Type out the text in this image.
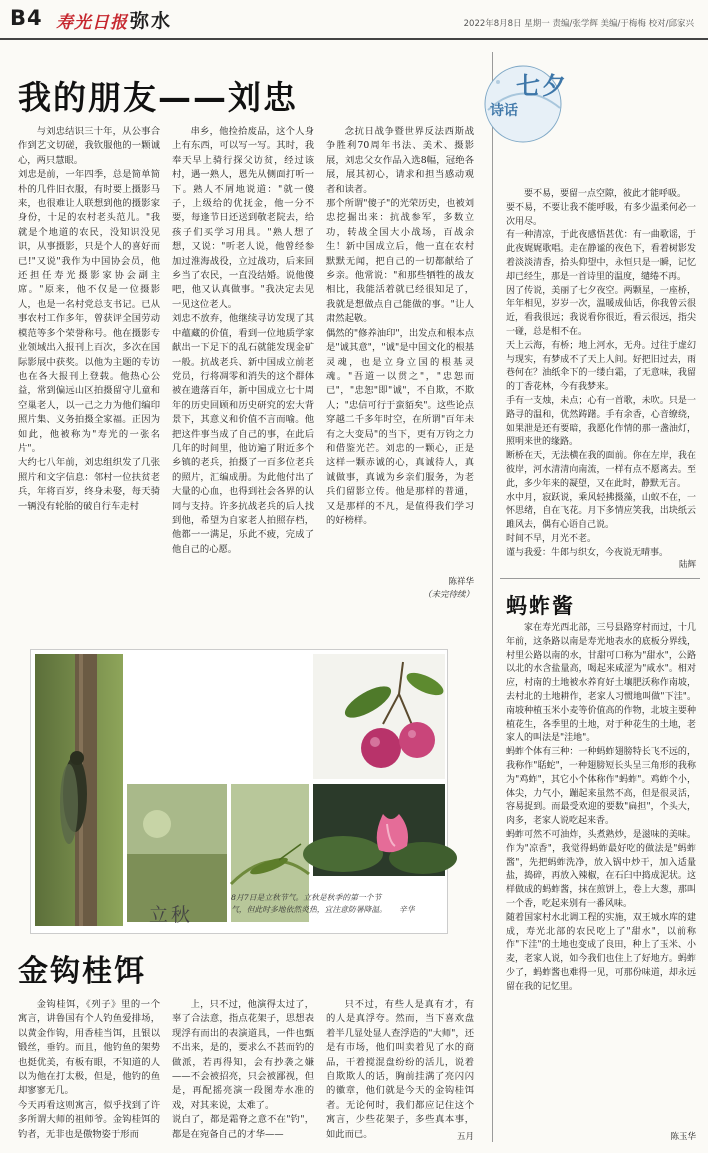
B4 寿光日报 弥水	2022年8月8日 星期一 责编/张学辉 美编/于梅梅 校对/邱家兴
我的朋友——刘忠

与刘忠结识三十年，从公事合作到艺文切磋，我钦服他的一颗诚心，两只慧眼。
刘忠是前，一年四季，总是简单简朴的几件旧衣服，有时要上摄影马来，也很难让人联想到他的摄影家身份，十足的农村老头范儿。"我就是个地道的农民，没知识没见识，从事摄影，只是个人的喜好而已!"又说"我作为中国协会员，他还担任寿光摄影家协会副主席。"原来，他不仅是一位摄影人，也是一名村党总支书记。已从事农村工作多年，曾获评全国劳动模范等多个荣誉称号。他在摄影专业领域出入报刊上百次，多次在国际影展中获奖。以他为主题的专访也在各大报刊上登载。他热心公益，常到偏远山区拍摄留守儿童和空巢老人，以一己之力为他们编印照片集、义务拍摄全家福。正因为如此，他被称为"寿光的一张名片"。
大约七八年前，刘忠组织发了几张照片和文字信息：邻村一位扶贫老兵，年将百岁，终身未娶，每天骑一辆没有轮胎的破自行车走村

串乡，他捡拾废品，这个人身上有东西，可以写一写。其时，我奉天早上骑行探父访贫，经过该村，遇一熟人，恩先从侧面打听一下。熟人不屑地说道："就一傻子，上级给的优抚金，他一分不要，每逢节日还送到敬老院去，给孩子们买学习用具。"熟人想了想，又说："听老人说，他曾经参加过淮海战役，立过战功，后来回乡当了农民，一直没结婚。说他傻吧，他又认真做事。"我决定去见一见这位老人。
刘忠不放弃，他继续寻访发现了其中蕴藏的价值，看到一位地质学家献出一下足下的乱石就能发现金矿一般。抗战老兵、新中国成立前老党员，行将凋零和消失的这个群体被在遗落百年，新中国成立七十周年的历史回顾和历史研究的宏大背景下，其意义和价值不言而喻。他把这件事当成了自己的事，在此后几年的时间里，他访遍了附近多个乡镇的老兵，拍摄了一百多位老兵的照片，汇编成册。为此他付出了大量的心血，也得到社会各界的认同与支持。许多抗战老兵的后人找到他，希望为自家老人拍照存档，他都一一满足，乐此不疲，完成了他自己的心愿。

念抗日战争暨世界反法西斯战争胜利70周年书法、美术、摄影展，刘忠父女作品入选8幅，冠绝各展，展其初心，请求和担当感动观者和读者。
那个所谓"傻子"的光荣历史，也被刘忠挖掘出来：抗战参军，多数立功，转战全国大小战场，百战余生！新中国成立后，他一直在农村默默无闻，把自己的一切都献给了乡亲。他常说："和那些牺牲的战友相比，我能活着就已经很知足了，我就是想做点自己能做的事。"让人肃然起敬。
偶然的"修养油印"，出发点和根本点是"诚其意"，"诚"是中国文化的根基灵魂，也是立身立国的根基灵魂。"吾道一以贯之"，"忠恕而已"，"忠恕"即"诚"，不自欺，不欺人；"忠信可行于蛮貊矣"。这些论点穿越二千多年时空，在所谓"百年未有之大变局"的当下，更有万钧之力和借鉴光芒。刘忠的一颗心，正是这样一颗赤诚的心，真诚待人，真诚做事，真诚为乡亲们服务，为老兵们留影立传。他是那样的普通，又是那样的不凡，是值得我们学习的好榜样。

陈祥华
（未完待续）
立秋
8月7日是立秋节气。立秋是秋季的第一个节气，但此时多地依然炎热，宜注意防暑降温。	辛华
金钩桂饵

金钩桂饵，《列子》里的一个寓言，讲鲁国有个人钓鱼爱排场，以黄金作钩，用香桂当饵，且银以锻丝，垂钓。而且，他钓鱼的架势也挺优美，有板有眼，不知道的人以为他在打太极，但是，他钓的鱼却寥寥无几。
今天再看这则寓言，似乎找到了许多所谓大师的祖师爷。金钩桂饵的钓者，无非也是傲物姿于形而

上，只不过，他演得太过了，辜了合法意，指点花架子，思想表现浮有而出的表演道具，一件也甄不出来，是的，要求么不甚而钓的做派，若再得知，会有抄袭之嫌——不会被招亮，只会被鄙视，但是，再配摇亮演一段图寿水准的戏，对其来说，太难了。
说白了，都是霜脊之意不在"钓"，都是在宛备自己的才华——

只不过，有些人是真有才，有的人是真浮夸。然而，当下喜欢盘着半几显处显人查浮造的"大师"，还是有市场，他们叫卖着见了水的商品，干着搅混盘纷纷的活儿，说着自欺欺人的话，胸前挂满了亮闪闪的徽章，他们就是今天的金钩桂饵者。无论何时，我们都应记住这个寓言，少些花架子，多些真本事，如此而已。	五月
七夕
诗话

要不易，要留一点空隙，彼此才能呼吸。
要不易，不要让我不能呼吸，有多少温柔何必一次用尽。
有一种清凉，于此夜感悟甚优：有一曲歌谣，于此夜娓娓歌唱。走在静谧的夜色下，看着树影发着淡淡清香，拾头仰望中，永恒只是一瞬，记忆却已经生，那是一首诗里的温度，缱绻不再。
因了传说，美丽了七夕夜空。两颗星，一座桥，年年相见，岁岁一次，温暖成仙话，你我曾云很近，看我很远；我说看你很近，看云很远，指尖一碰，总是相不在。
天上云海，有桥；地上河水，无舟。过往于虚幻与现实，有梦成不了天上人间。好把旧过去，雨巷何在？油纸伞下的一缕白霜，了无意味，我留的丁香花林，今有我梦来。
手有一支烛，未点；心有一首歌，未吹。只是一路寻的温和，优然踌躇。手有余香，心音缭绕，如果泄是还有要暗，我愿化作情的那一盏油灯，照明来世的缘路。
断桥在天，无法横在我的面前。你在左岸，我在彼岸，河水清清向南流，一样有点不愿离去。至此，多少年来的凝望，又在此时，静默无言。
水中月，寂跃说，乘风轻拂摄藻，山蚁不在，一怀思绪，自在飞花。月下多情应笑我，出块纸云雎风去，偶有心语自己说。
时间不早，月光不老。
谨与我爱：牛郎与织女，今夜说无晴事。

陆辉
蚂蚱酱

家在寿光西北部，三号县路穿村而过，十几年前，这条路以南是寿光地表水的底板分界线，村里公路以南的水，甘甜可口称为"甜水"，公路以北的水含盐量高，喝起来咸涩为"咸水"。相对应，村南的土地被水养育好土壤肥沃称作南坡，去村北的土地耕作，老家人习惯地叫做"下洼"。南坡种植玉米小麦等价值高的作物，北坡主要种植花生，各季里的土地，对于种花生的土地，老家人的叫法是"洼地"。
蚂蚱个体有三种：一种蚂蚱翅膀特长飞不远的，我称作"聒蛇"，一种翅膀短长头呈三角形的我称为"鸡蚱"，其它小个体称作"蚂蚱"。鸡蚱个小，体尖，力气小，蹦起来虽然不高，但是很灵活，容易捉到。而最受欢迎的要数"扁担"，个头大，肉多，老家人说吃起来香。
蚂蚱可然不可油炸，头煮熟炒，是滋味的美味。作为"凉香"，我觉得蚂蚱最好吃的做法是"蚂蚱酱"，先把蚂蚱洗净，放入锅中炒干，加入适量盐，捣碎，再放入辣椒，在石臼中捣成泥状。这样做成的蚂蚱酱，抹在煎饼上，卷上大葱，那叫一个香，吃起来别有一番风味。
随着国家村水北调工程的实施，双王城水库的建成，寿光北部的农民吃上了"甜水"，以前称作"下洼"的土地也变成了良田，种上了玉米、小麦，老家人说，如今我们也住上了好地方。蚂蚱少了，蚂蚱酱也难得一见，可那份味道，却永远留在我的记忆里。

陈玉华
